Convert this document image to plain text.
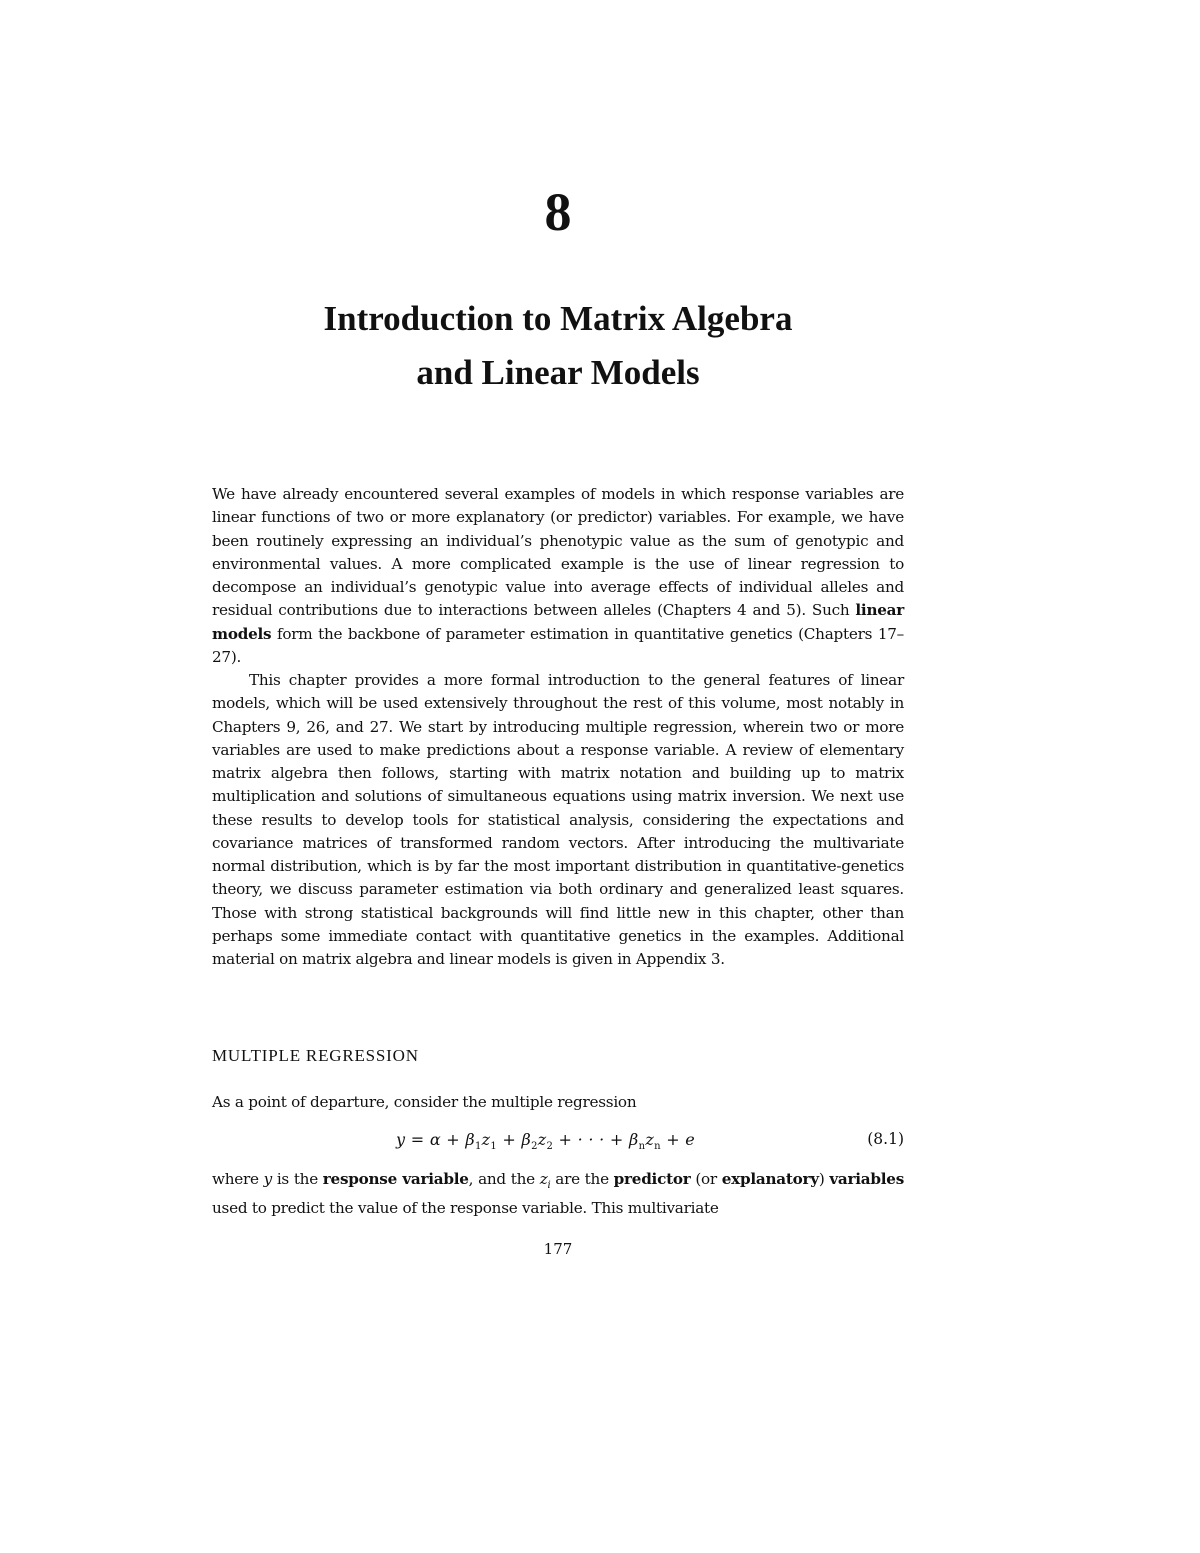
8
Introduction to Matrix Algebra
and Linear Models

We have already encountered several examples of models in which response variables are linear functions of two or more explanatory (or predictor) variables. For example, we have been routinely expressing an individual’s phenotypic value as the sum of genotypic and environmental values. A more complicated example is the use of linear regression to decompose an individual’s genotypic value into average effects of individual alleles and residual contributions due to interactions between alleles (Chapters 4 and 5). Such linear models form the backbone of parameter estimation in quantitative genetics (Chapters 17–27).

This chapter provides a more formal introduction to the general features of linear models, which will be used extensively throughout the rest of this volume, most notably in Chapters 9, 26, and 27. We start by introducing multiple regression, wherein two or more variables are used to make predictions about a response variable. A review of elementary matrix algebra then follows, starting with matrix notation and building up to matrix multiplication and solutions of simultaneous equations using matrix inversion. We next use these results to develop tools for statistical analysis, considering the expectations and covariance matrices of transformed random vectors. After introducing the multivariate normal distribution, which is by far the most important distribution in quantitative-genetics theory, we discuss parameter estimation via both ordinary and generalized least squares. Those with strong statistical backgrounds will find little new in this chapter, other than perhaps some immediate contact with quantitative genetics in the examples. Additional material on matrix algebra and linear models is given in Appendix 3.

MULTIPLE REGRESSION
As a point of departure, consider the multiple regression
$y = \alpha + \beta_1z_1 + \beta_2z_2$ + · · · + $\beta_nz_n + e$	(8.1)

where y is the response variable, and the $z_i$ are the predictor (or explanatory) variables used to predict the value of the response variable. This multivariate

177
